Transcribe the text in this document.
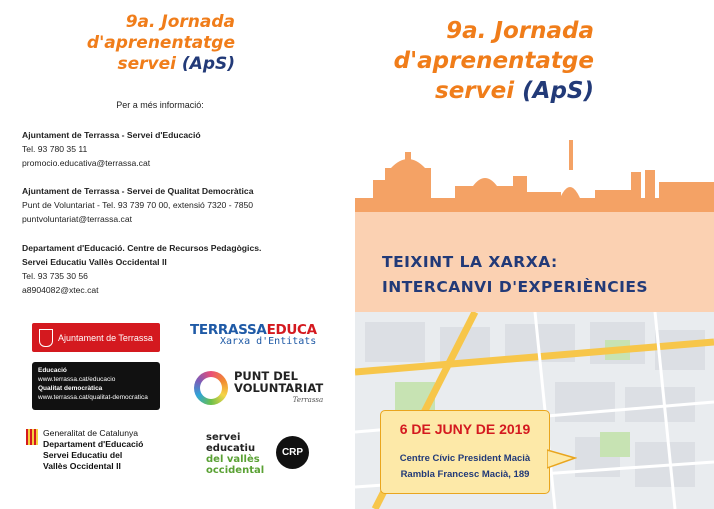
9a. Jornada
d'aprenentatge
servei (ApS)
Per a més informació:
Ajuntament de Terrassa - Servei d'Educació
Tel. 93 780 35 11
promocio.educativa@terrassa.cat
Ajuntament de Terrassa - Servei de Qualitat Democràtica
Punt de Voluntariat - Tel. 93 739 70 00, extensió 7320 - 7850
puntvoluntariat@terrassa.cat
Departament d'Educació. Centre de Recursos Pedagògics.
Servei Educatiu Vallès Occidental II
Tel. 93 735 30 56
a8904082@xtec.cat
Ajuntament de Terrassa
Educació
www.terrassa.cat/educacio
Qualitat democràtica
www.terrassa.cat/qualitat-democratica
Generalitat de Catalunya
Departament d'Educació
Servei Educatiu del
Vallès Occidental II
TERRASSAEDUCA
Xarxa d'Entitats
PUNT DEL
VOLUNTARIAT
Terrassa
servei
educatiu
del vallès
occidental
CRP
9a. Jornada
d'aprenentatge
servei (ApS)
TEIXINT LA XARXA:
INTERCANVI D'EXPERIÈNCIES
6 DE JUNY DE 2019
Centre Cívic President Macià
Rambla Francesc Macià, 189
